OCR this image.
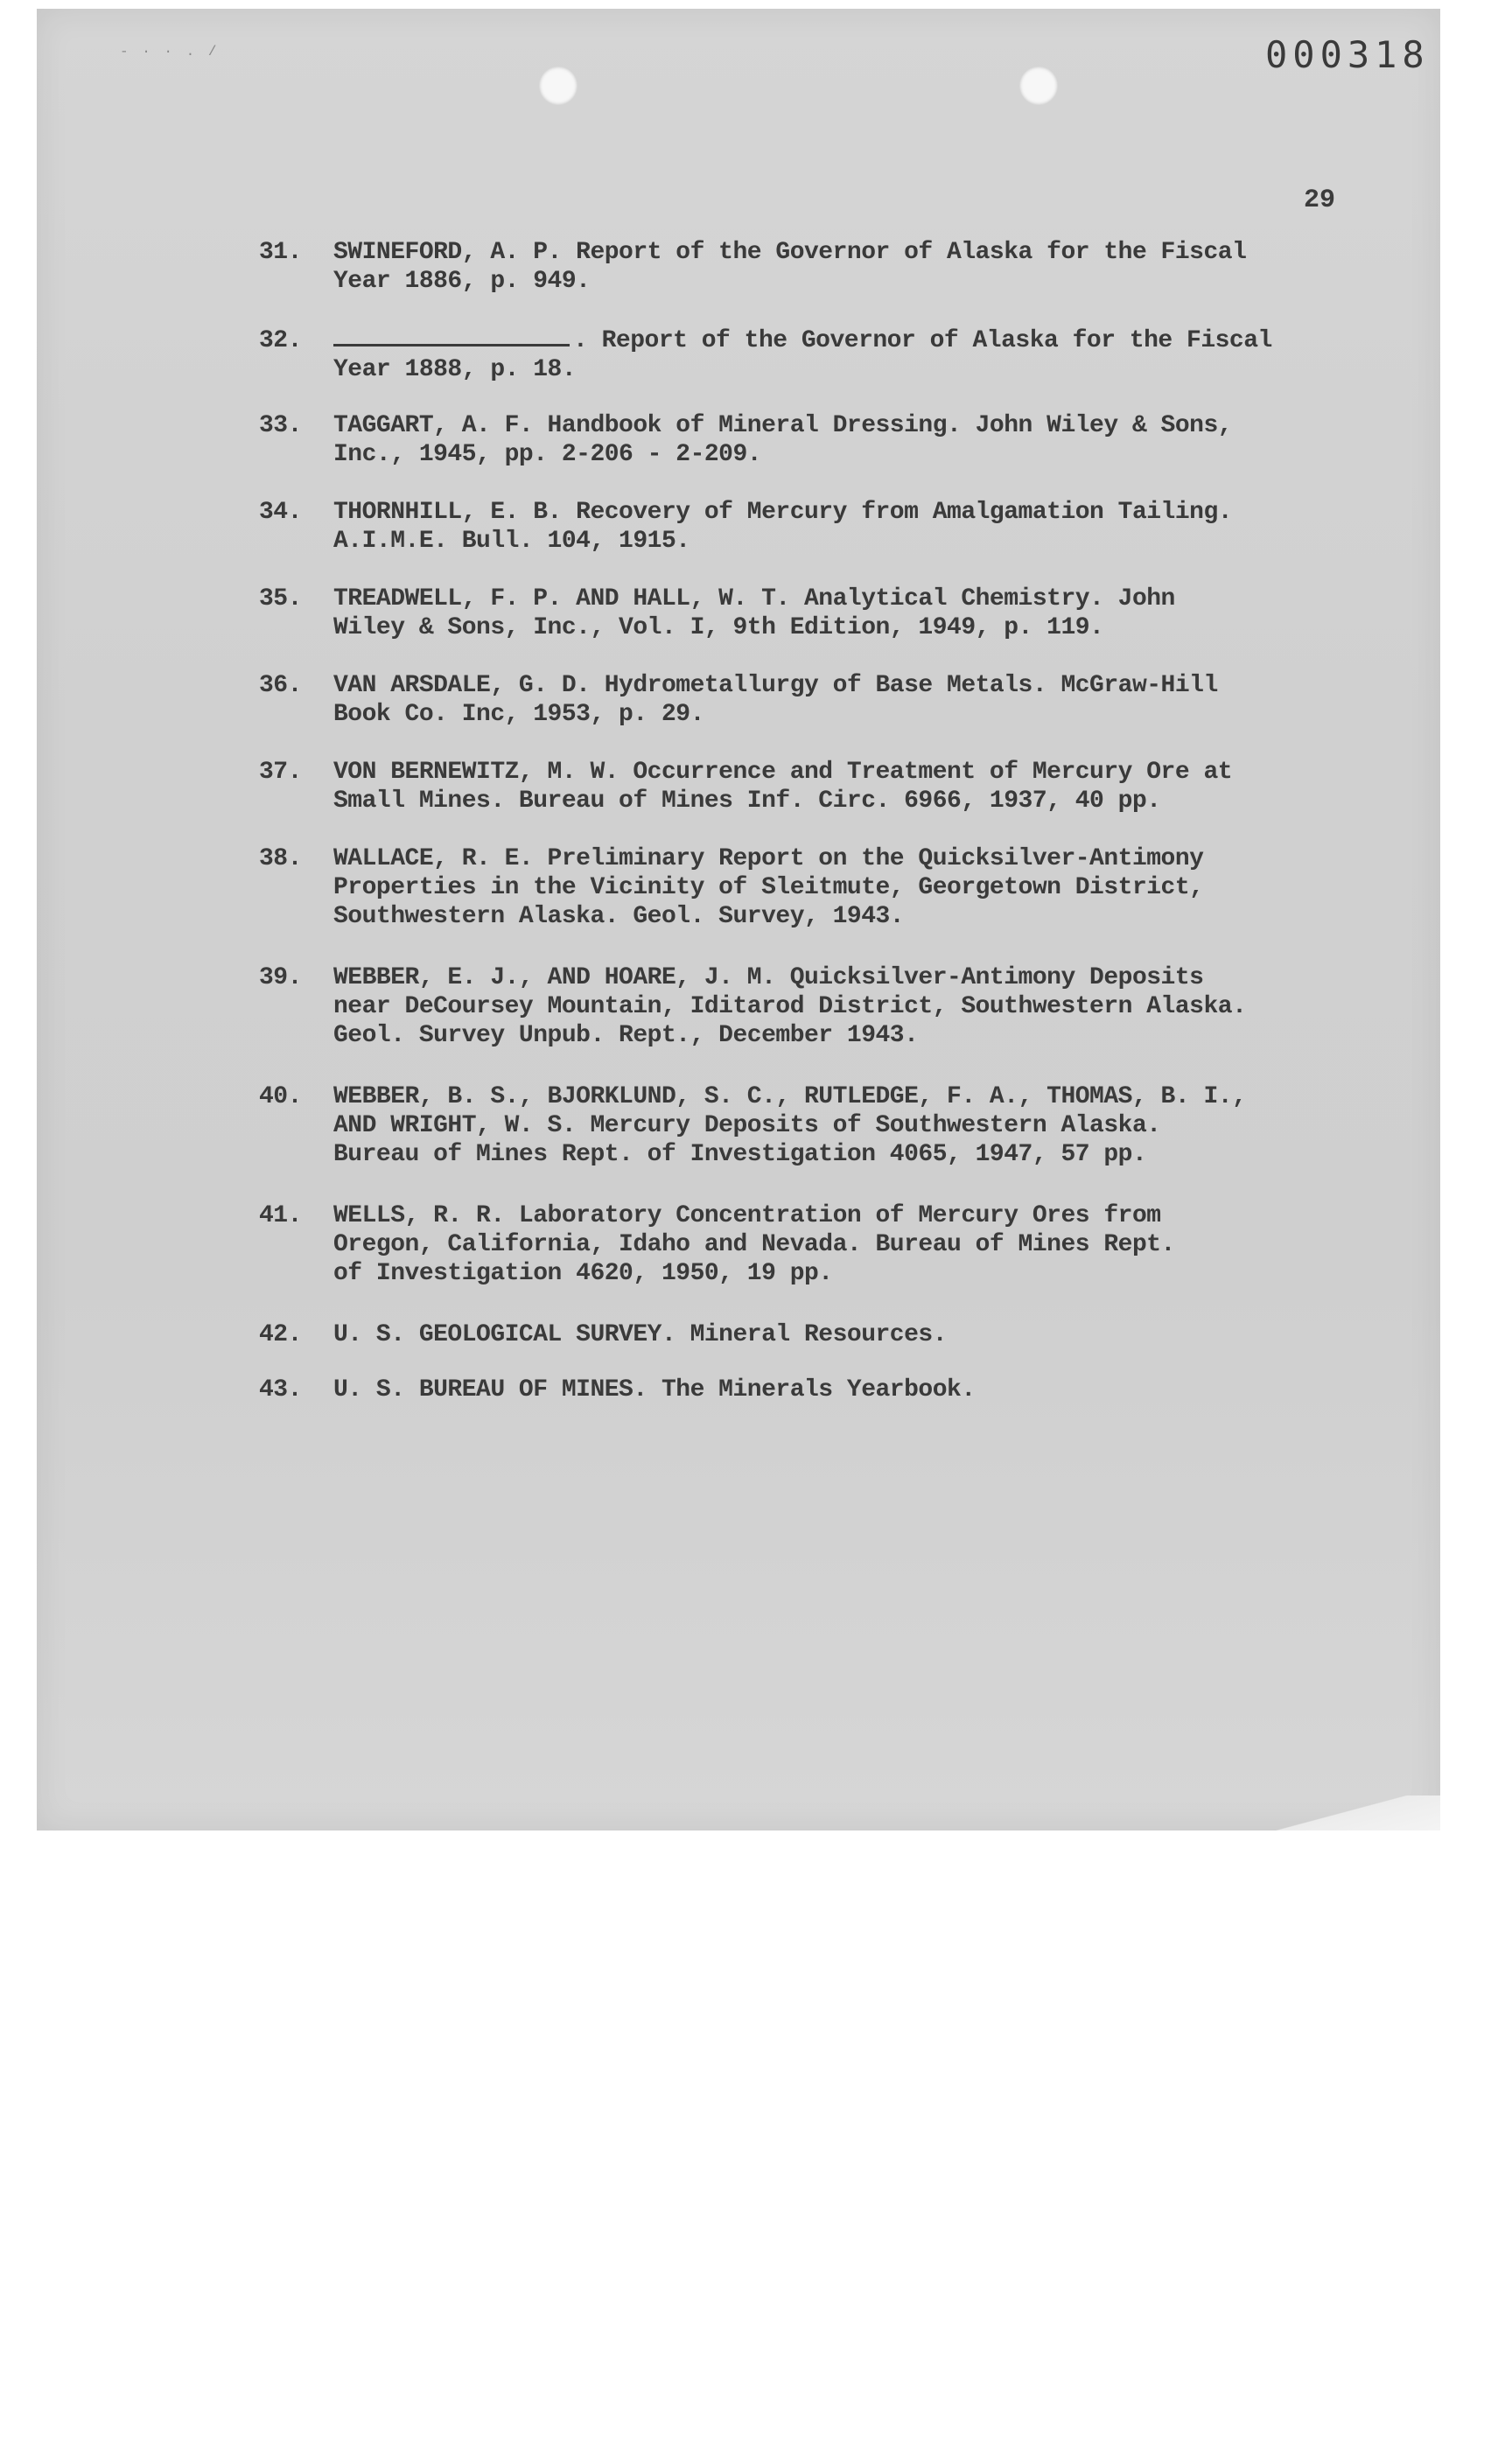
- · · . /	000318
29
31.	SWINEFORD, A. P. Report of the Governor of Alaska for the Fiscal
Year 1886, p. 949.
32.	. Report of the Governor of Alaska for the Fiscal
Year 1888, p. 18.
33.	TAGGART, A. F. Handbook of Mineral Dressing. John Wiley & Sons,
Inc., 1945, pp. 2-206 - 2-209.
34.	THORNHILL, E. B. Recovery of Mercury from Amalgamation Tailing.
A.I.M.E. Bull. 104, 1915.
35.	TREADWELL, F. P. AND HALL, W. T. Analytical Chemistry. John
Wiley & Sons, Inc., Vol. I, 9th Edition, 1949, p. 119.
36.	VAN ARSDALE, G. D. Hydrometallurgy of Base Metals. McGraw-Hill
Book Co. Inc, 1953, p. 29.
37.	VON BERNEWITZ, M. W. Occurrence and Treatment of Mercury Ore at
Small Mines. Bureau of Mines Inf. Circ. 6966, 1937, 40 pp.
38.	WALLACE, R. E. Preliminary Report on the Quicksilver-Antimony
Properties in the Vicinity of Sleitmute, Georgetown District,
Southwestern Alaska. Geol. Survey, 1943.
39.	WEBBER, E. J., AND HOARE, J. M. Quicksilver-Antimony Deposits
near DeCoursey Mountain, Iditarod District, Southwestern Alaska.
Geol. Survey Unpub. Rept., December 1943.
40.	WEBBER, B. S., BJORKLUND, S. C., RUTLEDGE, F. A., THOMAS, B. I.,
AND WRIGHT, W. S. Mercury Deposits of Southwestern Alaska.
Bureau of Mines Rept. of Investigation 4065, 1947, 57 pp.
41.	WELLS, R. R. Laboratory Concentration of Mercury Ores from
Oregon, California, Idaho and Nevada. Bureau of Mines Rept.
of Investigation 4620, 1950, 19 pp.
42.	U. S. GEOLOGICAL SURVEY. Mineral Resources.
43.	U. S. BUREAU OF MINES. The Minerals Yearbook.
